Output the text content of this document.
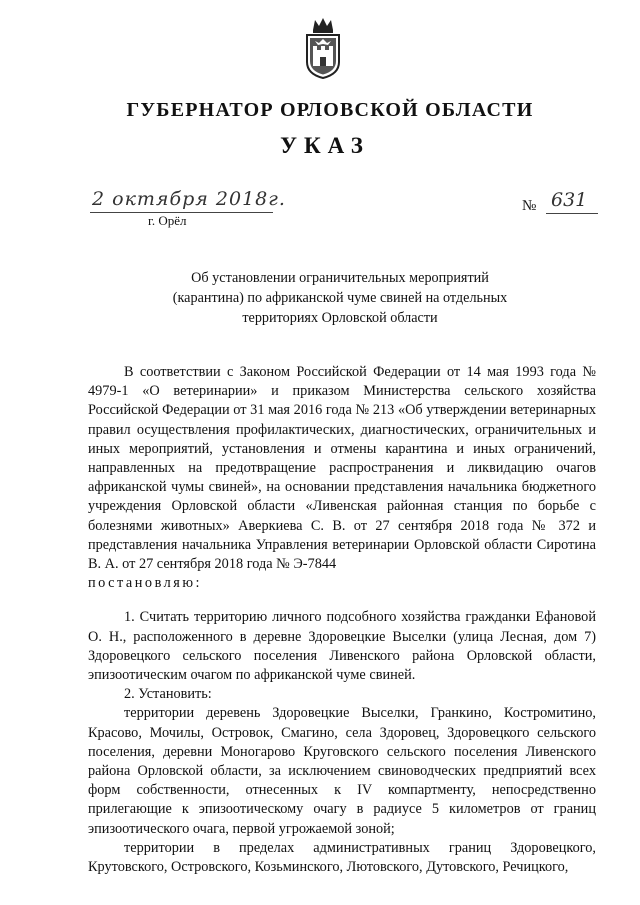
ГУБЕРНАТОР ОРЛОВСКОЙ ОБЛАСТИ
УКАЗ
2 октября 2018г.
г. Орёл
№ 631
Об установлении ограничительных мероприятий
(карантина) по африканской чуме свиней на отдельных
территориях Орловской области

В соответствии с Законом Российской Федерации от 14 мая 1993 года № 4979-1 «О ветеринарии» и приказом Министерства сельского хозяйства Российской Федерации от 31 мая 2016 года № 213 «Об утверждении ветеринарных правил осуществления профилактических, диагностических, ограничительных и иных мероприятий, установления и отмены карантина и иных ограничений, направленных на предотвращение распространения и ликвидацию очагов африканской чумы свиней», на основании представления начальника бюджетного учреждения Орловской области «Ливенская районная станция по борьбе с болезнями животных» Аверкиева С. В. от 27 сентября 2018 года № 372 и представления начальника Управления ветеринарии Орловской области Сиротина В. А. от 27 сентября 2018 года № Э-7844

постановляю:

1. Считать территорию личного подсобного хозяйства гражданки Ефановой О. Н., расположенного в деревне Здоровецкие Выселки (улица Лесная, дом 7) Здоровецкого сельского поселения Ливенского района Орловской области, эпизоотическим очагом по африканской чуме свиней.

2. Установить:

территории деревень Здоровецкие Выселки, Гранкино, Костромитино, Красово, Мочилы, Островок, Смагино, села Здоровец, Здоровецкого сельского поселения, деревни Моногарово Круговского сельского поселения Ливенского района Орловской области, за исключением свиноводческих предприятий всех форм собственности, отнесенных к IV компартменту, непосредственно прилегающие к эпизоотическому очагу в радиусе 5 километров от границ эпизоотического очага, первой угрожаемой зоной;

территории в пределах административных границ Здоровецкого, Крутовского, Островского, Козьминского, Лютовского, Дутовского, Речицкого,
